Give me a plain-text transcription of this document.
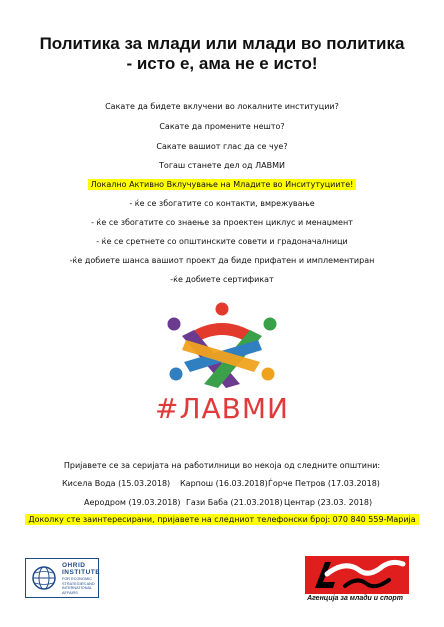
Политика за млади или млади во политика
- исто е, ама не е исто!
Сакате да бидете вклучени во локалните институции?
Сакате да промените нешто?
Сакате вашиот глас да се чуе?
Тогаш станете дел од ЛАВМИ
Локално Активно Вклучување на Младите во Инситутуциите!
- ќе се збогатите со контакти, вмрежување
- ќе се збогатите со знаење за проектен циклус и менаџмент
- ќе се сретнете со општинските совети и градоначалници
-ќе добиете шанса вашиот проект да биде прифатен и имплементиран
-ќе добиете сертификат
#ЛАВМИ
Пријавете се за серијата на работилници во некоја од следните општини:
Кисела Вода (15.03.2018) Карпош (16.03.2018) Ѓорче Петров (17.03.2018)
Аеродром (19.03.2018) Гази Баба (21.03.2018) Центар (23.03. 2018)
Доколку сте заинтересирани, пријавете на следниот телефонски број: 070 840 559-Марија
OHRID
INSTITUTE
FOR ECONOMIC
STRATEGIES AND
INTERNATIONAL AFFAIRS
Агенција за млади и спорт
